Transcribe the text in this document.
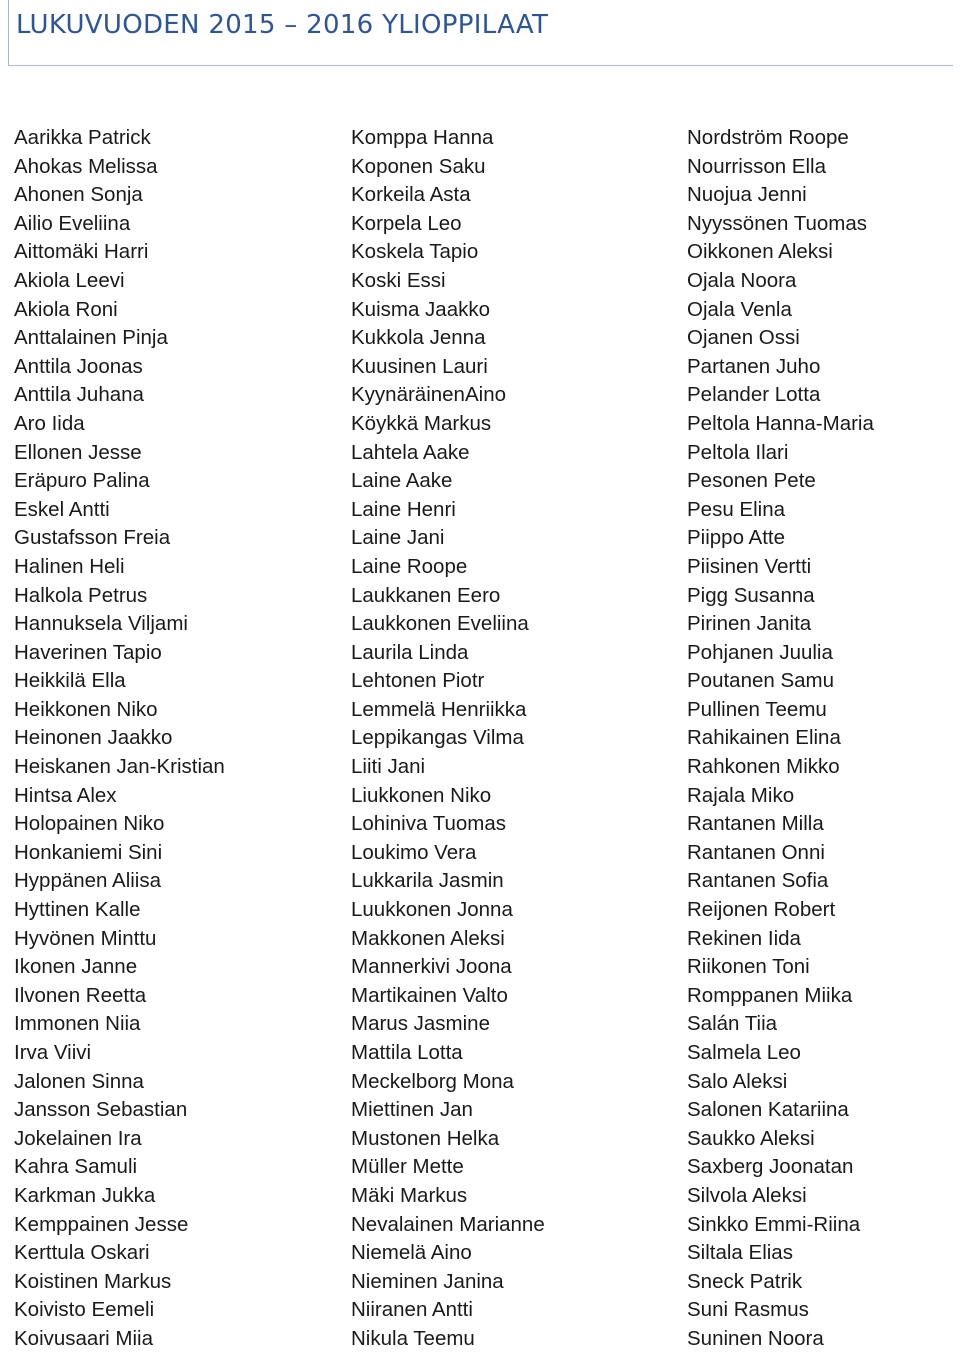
LUKUVUODEN 2015 – 2016 YLIOPPILAAT
Aarikka Patrick
Ahokas Melissa
Ahonen Sonja
Ailio Eveliina
Aittomäki Harri
Akiola Leevi
Akiola Roni
Anttalainen Pinja
Anttila Joonas
Anttila Juhana
Aro Iida
Ellonen Jesse
Eräpuro Palina
Eskel Antti
Gustafsson Freia
Halinen Heli
Halkola Petrus
Hannuksela Viljami
Haverinen Tapio
Heikkilä Ella
Heikkonen Niko
Heinonen Jaakko
Heiskanen Jan-Kristian
Hintsa Alex
Holopainen Niko
Honkaniemi Sini
Hyppänen Aliisa
Hyttinen Kalle
Hyvönen Minttu
Ikonen Janne
Ilvonen Reetta
Immonen Niia
Irva Viivi
Jalonen Sinna
Jansson Sebastian
Jokelainen Ira
Kahra Samuli
Karkman Jukka
Kemppainen Jesse
Kerttula Oskari
Koistinen Markus
Koivisto Eemeli
Koivusaari Miia
Komppa Hanna
Koponen Saku
Korkeila Asta
Korpela Leo
Koskela Tapio
Koski Essi
Kuisma Jaakko
Kukkola Jenna
Kuusinen Lauri
KyynäräinenAino
Köykkä Markus
Lahtela Aake
Laine Aake
Laine Henri
Laine Jani
Laine Roope
Laukkanen Eero
Laukkonen Eveliina
Laurila Linda
Lehtonen Piotr
Lemmelä Henriikka
Leppikangas Vilma
Liiti Jani
Liukkonen Niko
Lohiniva Tuomas
Loukimo Vera
Lukkarila Jasmin
Luukkonen Jonna
Makkonen Aleksi
Mannerkivi Joona
Martikainen Valto
Marus Jasmine
Mattila Lotta
Meckelborg Mona
Miettinen Jan
Mustonen Helka
Müller Mette
Mäki Markus
Nevalainen Marianne
Niemelä Aino
Nieminen Janina
Niiranen Antti
Nikula Teemu
Nordström Roope
Nourrisson Ella
Nuojua Jenni
Nyyssönen Tuomas
Oikkonen Aleksi
Ojala Noora
Ojala Venla
Ojanen Ossi
Partanen Juho
Pelander Lotta
Peltola Hanna-Maria
Peltola Ilari
Pesonen Pete
Pesu Elina
Piippo Atte
Piisinen Vertti
Pigg Susanna
Pirinen Janita
Pohjanen Juulia
Poutanen Samu
Pullinen Teemu
Rahikainen Elina
Rahkonen Mikko
Rajala Miko
Rantanen Milla
Rantanen Onni
Rantanen Sofia
Reijonen Robert
Rekinen Iida
Riikonen Toni
Romppanen Miika
Salán Tiia
Salmela Leo
Salo Aleksi
Salonen Katariina
Saukko Aleksi
Saxberg Joonatan
Silvola Aleksi
Sinkko Emmi-Riina
Siltala Elias
Sneck Patrik
Suni Rasmus
Suninen Noora
